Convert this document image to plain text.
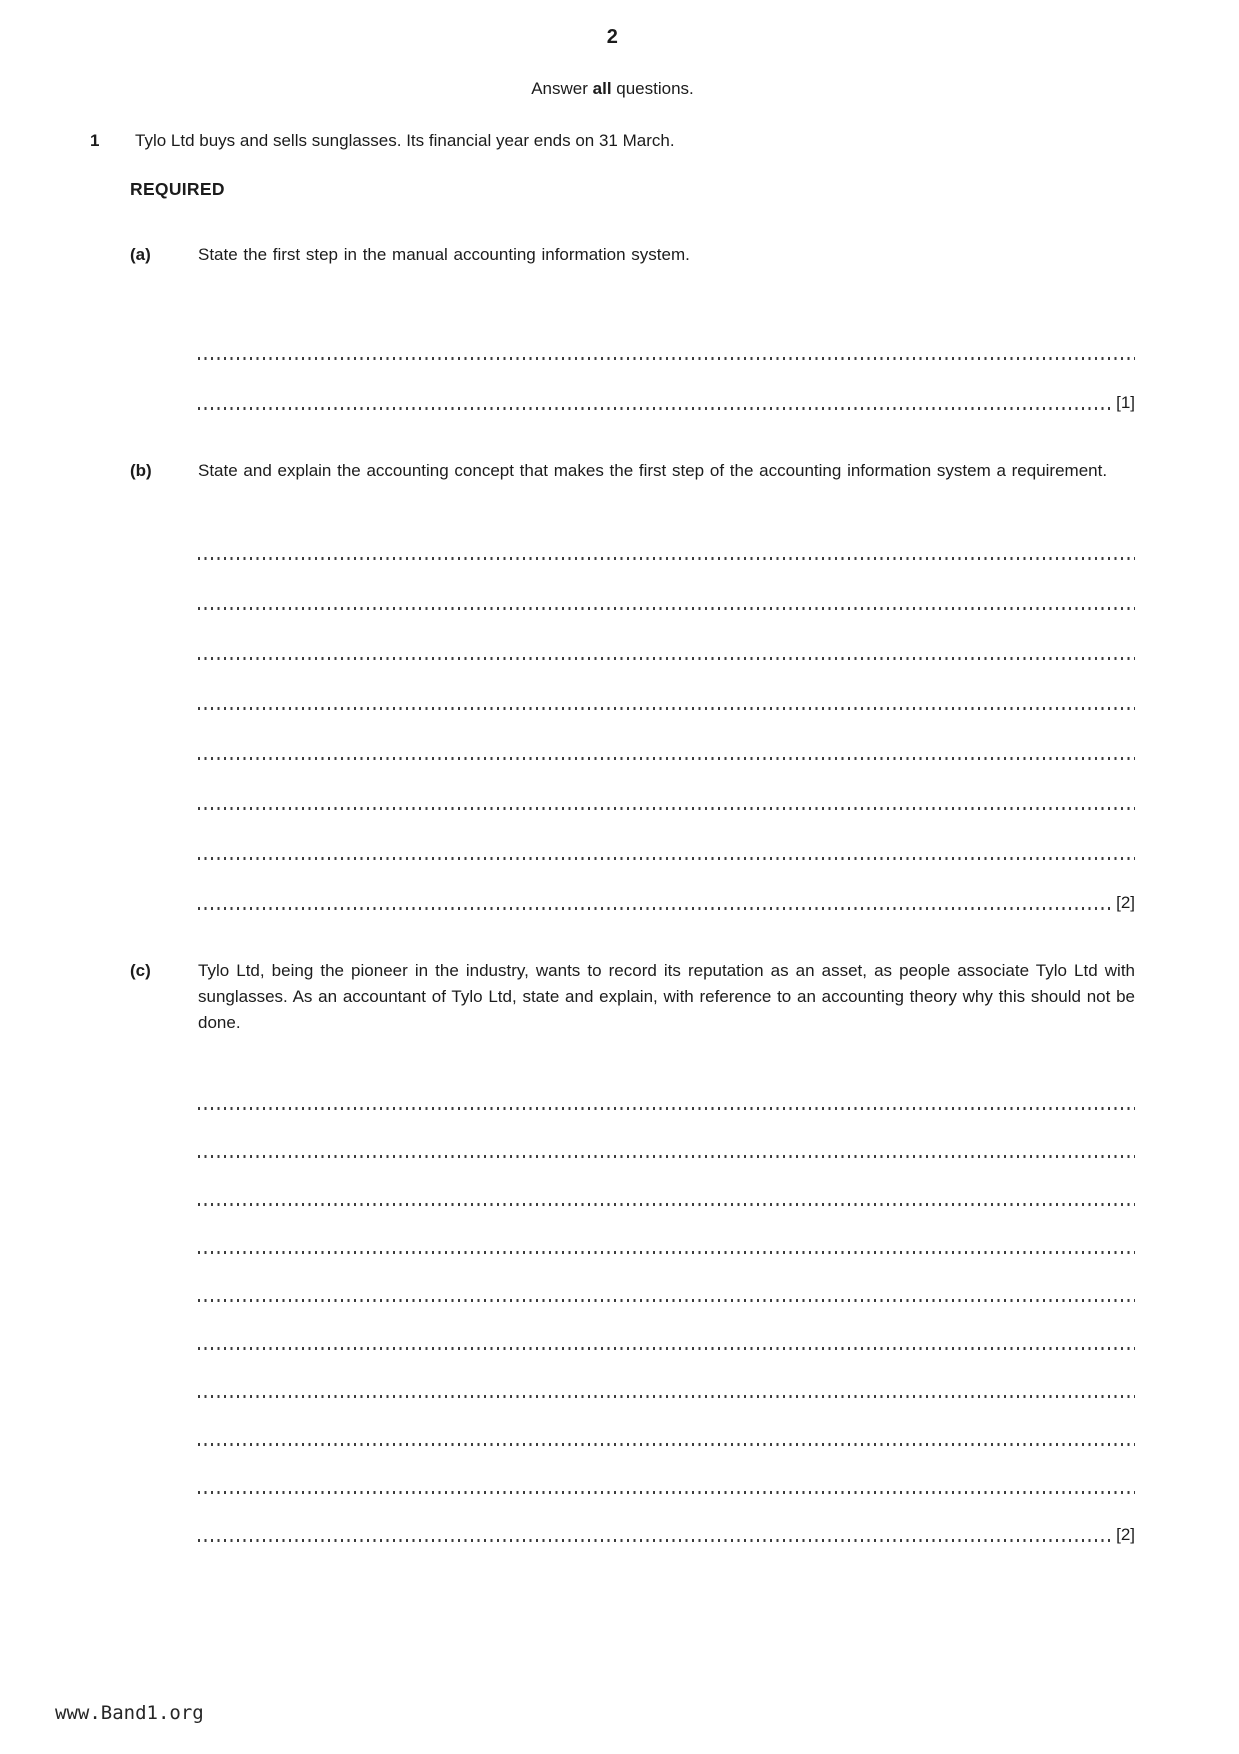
2
Answer all questions.
1	Tylo Ltd buys and sells sunglasses. Its financial year ends on 31 March.
REQUIRED
(a)	State the first step in the manual accounting information system.
[1]
(b)	State and explain the accounting concept that makes the first step of the accounting information system a requirement.
[2]
(c)	Tylo Ltd, being the pioneer in the industry, wants to record its reputation as an asset, as people associate Tylo Ltd with sunglasses. As an accountant of Tylo Ltd, state and explain, with reference to an accounting theory why this should not be done.
[2]
www.Band1.org
